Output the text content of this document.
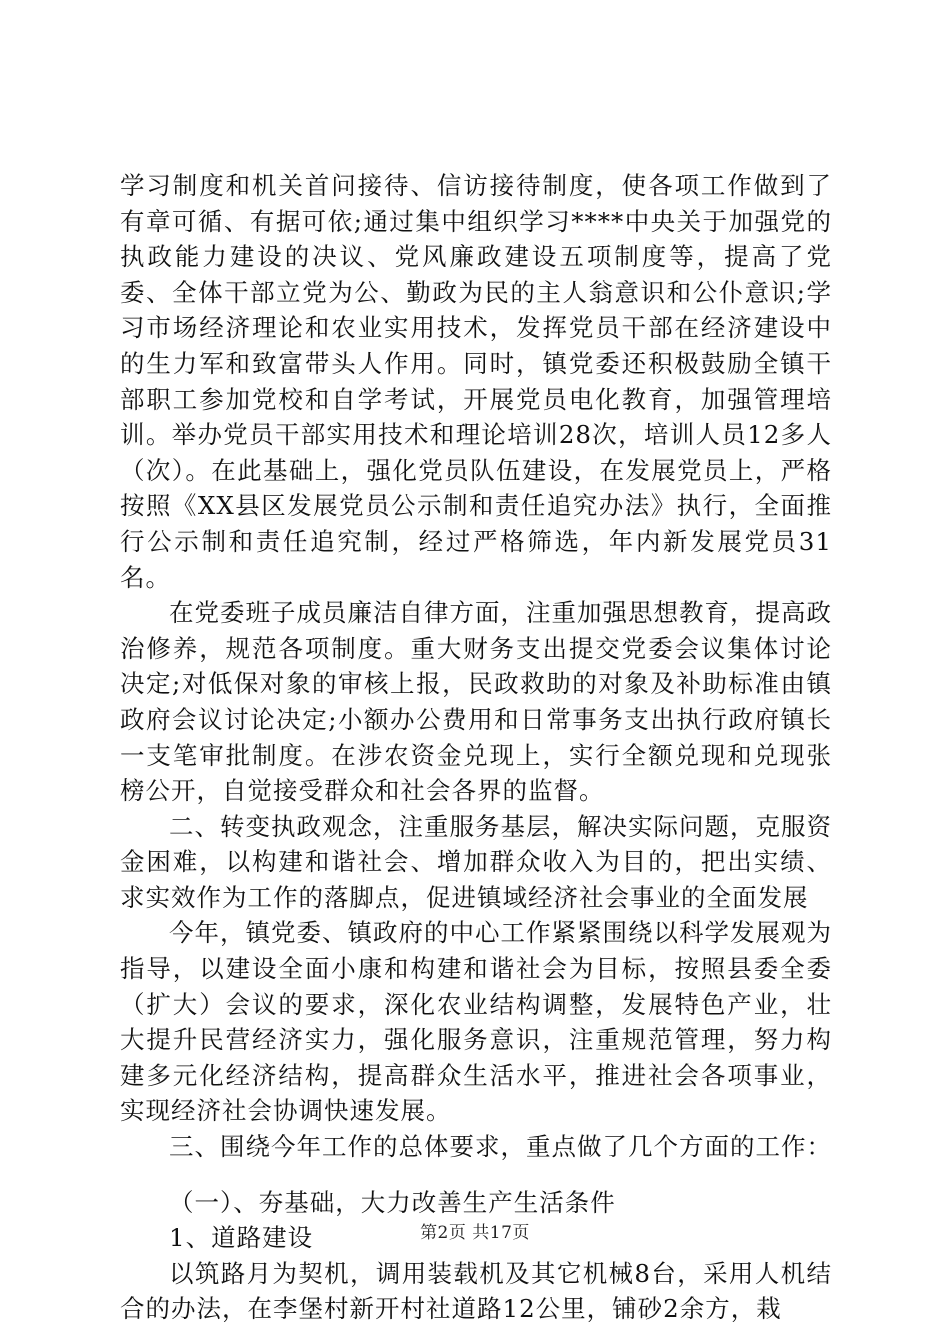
学习制度和机关首问接待、信访接待制度，使各项工作做到了有章可循、有据可依;通过集中组织学习****中央关于加强党的执政能力建设的决议、党风廉政建设五项制度等，提高了党委、全体干部立党为公、勤政为民的主人翁意识和公仆意识;学习市场经济理论和农业实用技术，发挥党员干部在经济建设中的生力军和致富带头人作用。同时，镇党委还积极鼓励全镇干部职工参加党校和自学考试，开展党员电化教育，加强管理培训。举办党员干部实用技术和理论培训28次，培训人员12多人（次）。在此基础上，强化党员队伍建设，在发展党员上，严格按照《XX县区发展党员公示制和责任追究办法》执行，全面推行公示制和责任追究制，经过严格筛选，年内新发展党员31名。

在党委班子成员廉洁自律方面，注重加强思想教育，提高政治修养，规范各项制度。重大财务支出提交党委会议集体讨论决定;对低保对象的审核上报，民政救助的对象及补助标准由镇政府会议讨论决定;小额办公费用和日常事务支出执行政府镇长一支笔审批制度。在涉农资金兑现上，实行全额兑现和兑现张榜公开，自觉接受群众和社会各界的监督。

二、转变执政观念，注重服务基层，解决实际问题，克服资金困难，以构建和谐社会、增加群众收入为目的，把出实绩、求实效作为工作的落脚点，促进镇域经济社会事业的全面发展

今年，镇党委、镇政府的中心工作紧紧围绕以科学发展观为指导，以建设全面小康和构建和谐社会为目标，按照县委全委（扩大）会议的要求，深化农业结构调整，发展特色产业，壮大提升民营经济实力，强化服务意识，注重规范管理，努力构建多元化经济结构，提高群众生活水平，推进社会各项事业，实现经济社会协调快速发展。

三、围绕今年工作的总体要求，重点做了几个方面的工作：

（一）、夯基础，大力改善生产生活条件

1、道路建设

以筑路月为契机，调用装载机及其它机械8台，采用人机结合的办法，在李堡村新开村社道路12公里，铺砂2余方，栽

第2页 共17页
